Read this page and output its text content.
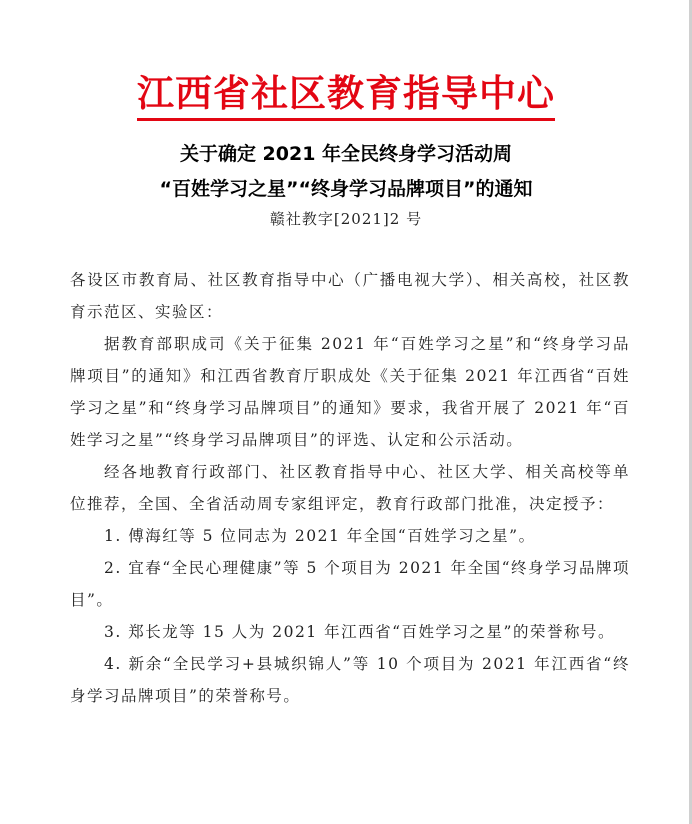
江西省社区教育指导中心
关于确定 2021 年全民终身学习活动周
“百姓学习之星”“终身学习品牌项目”的通知
赣社教字[2021]2 号

各设区市教育局、社区教育指导中心（广播电视大学）、相关高校，社区教育示范区、实验区：

据教育部职成司《关于征集 2021 年“百姓学习之星”和“终身学习品牌项目”的通知》和江西省教育厅职成处《关于征集 2021 年江西省“百姓学习之星”和“终身学习品牌项目”的通知》要求，我省开展了 2021 年“百姓学习之星”“终身学习品牌项目”的评选、认定和公示活动。

经各地教育行政部门、社区教育指导中心、社区大学、相关高校等单位推荐，全国、全省活动周专家组评定，教育行政部门批准，决定授予：

1. 傅海红等 5 位同志为 2021 年全国“百姓学习之星”。

2. 宜春“全民心理健康”等 5 个项目为 2021 年全国“终身学习品牌项目”。

3. 郑长龙等 15 人为 2021 年江西省“百姓学习之星”的荣誉称号。

4. 新余“全民学习+县城织锦人”等 10 个项目为 2021 年江西省“终身学习品牌项目”的荣誉称号。
